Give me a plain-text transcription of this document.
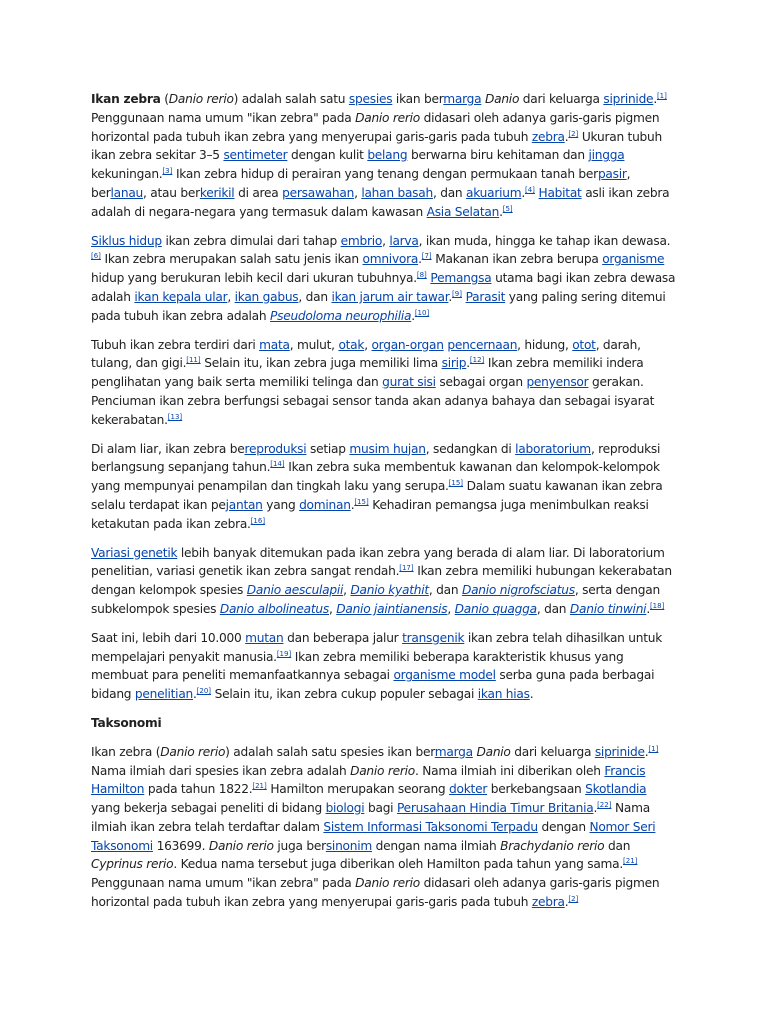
Ikan zebra (Danio rerio) adalah salah satu spesies ikan bermarga Danio dari keluarga siprinide.[1] Penggunaan nama umum "ikan zebra" pada Danio rerio didasari oleh adanya garis-garis pigmen horizontal pada tubuh ikan zebra yang menyerupai garis-garis pada tubuh zebra.[2] Ukuran tubuh ikan zebra sekitar 3–5 sentimeter dengan kulit belang berwarna biru kehitaman dan jingga kekuningan.[3] Ikan zebra hidup di perairan yang tenang dengan permukaan tanah berpasir, berlanau, atau berkerikil di area persawahan, lahan basah, dan akuarium.[4] Habitat asli ikan zebra adalah di negara-negara yang termasuk dalam kawasan Asia Selatan.[5]

Siklus hidup ikan zebra dimulai dari tahap embrio, larva, ikan muda, hingga ke tahap ikan dewasa.[6] Ikan zebra merupakan salah satu jenis ikan omnivora.[7] Makanan ikan zebra berupa organisme hidup yang berukuran lebih kecil dari ukuran tubuhnya.[8] Pemangsa utama bagi ikan zebra dewasa adalah ikan kepala ular, ikan gabus, dan ikan jarum air tawar.[9] Parasit yang paling sering ditemui pada tubuh ikan zebra adalah Pseudoloma neurophilia.[10]

Tubuh ikan zebra terdiri dari mata, mulut, otak, organ-organ pencernaan, hidung, otot, darah, tulang, dan gigi.[11] Selain itu, ikan zebra juga memiliki lima sirip.[12] Ikan zebra memiliki indera penglihatan yang baik serta memiliki telinga dan gurat sisi sebagai organ penyensor gerakan. Penciuman ikan zebra berfungsi sebagai sensor tanda akan adanya bahaya dan sebagai isyarat kekerabatan.[13]

Di alam liar, ikan zebra bereproduksi setiap musim hujan, sedangkan di laboratorium, reproduksi berlangsung sepanjang tahun.[14] Ikan zebra suka membentuk kawanan dan kelompok-kelompok yang mempunyai penampilan dan tingkah laku yang serupa.[15] Dalam suatu kawanan ikan zebra selalu terdapat ikan pejantan yang dominan.[15] Kehadiran pemangsa juga menimbulkan reaksi ketakutan pada ikan zebra.[16]

Variasi genetik lebih banyak ditemukan pada ikan zebra yang berada di alam liar. Di laboratorium penelitian, variasi genetik ikan zebra sangat rendah.[17] Ikan zebra memiliki hubungan kekerabatan dengan kelompok spesies Danio aesculapii, Danio kyathit, dan Danio nigrofsciatus, serta dengan subkelompok spesies Danio albolineatus, Danio jaintianensis, Danio quagga, dan Danio tinwini.[18]

Saat ini, lebih dari 10.000 mutan dan beberapa jalur transgenik ikan zebra telah dihasilkan untuk mempelajari penyakit manusia.[19] Ikan zebra memiliki beberapa karakteristik khusus yang membuat para peneliti memanfaatkannya sebagai organisme model serba guna pada berbagai bidang penelitian.[20] Selain itu, ikan zebra cukup populer sebagai ikan hias.

Taksonomi

Ikan zebra (Danio rerio) adalah salah satu spesies ikan bermarga Danio dari keluarga siprinide.[1] Nama ilmiah dari spesies ikan zebra adalah Danio rerio. Nama ilmiah ini diberikan oleh Francis Hamilton pada tahun 1822.[21] Hamilton merupakan seorang dokter berkebangsaan Skotlandia yang bekerja sebagai peneliti di bidang biologi bagi Perusahaan Hindia Timur Britania.[22] Nama ilmiah ikan zebra telah terdaftar dalam Sistem Informasi Taksonomi Terpadu dengan Nomor Seri Taksonomi 163699. Danio rerio juga bersinonim dengan nama ilmiah Brachydanio rerio dan Cyprinus rerio. Kedua nama tersebut juga diberikan oleh Hamilton pada tahun yang sama.[21] Penggunaan nama umum "ikan zebra" pada Danio rerio didasari oleh adanya garis-garis pigmen horizontal pada tubuh ikan zebra yang menyerupai garis-garis pada tubuh zebra.[2]
